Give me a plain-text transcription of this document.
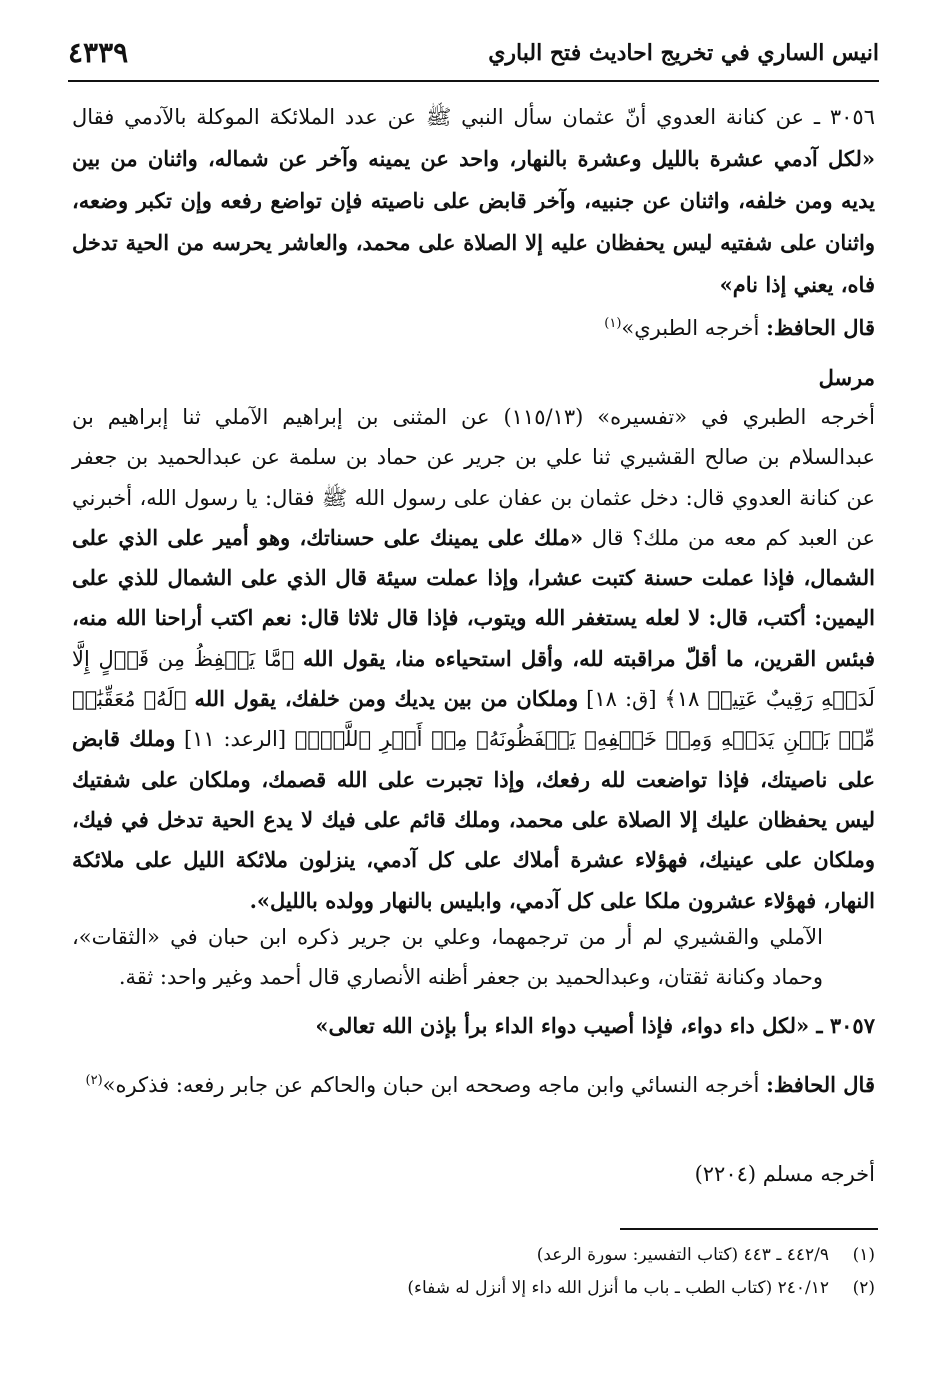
انيس الساري في تخريج احاديث فتح الباري
٤٣٣٩

٣٠٥٦ ـ عن كنانة العدوي أنّ عثمان سأل النبي ﷺ عن عدد الملائكة الموكلة بالآدمي فقال «لكل آدمي عشرة بالليل وعشرة بالنهار، واحد عن يمينه وآخر عن شماله، واثنان من بين يديه ومن خلفه، واثنان عن جنبيه، وآخر قابض على ناصيته فإن تواضع رفعه وإن تكبر وضعه، واثنان على شفتيه ليس يحفظان عليه إلا الصلاة على محمد، والعاشر يحرسه من الحية تدخل فاه، يعني إذا نام»

قال الحافظ: أخرجه الطبري»$^{(١)}$
مرسل

أخرجه الطبري في «تفسيره» (١١٥/١٣) عن المثنى بن إبراهيم الآملي ثنا إبراهيم بن عبدالسلام بن صالح القشيري ثنا علي بن جرير عن حماد بن سلمة عن عبدالحميد بن جعفر عن كنانة العدوي قال: دخل عثمان بن عفان على رسول الله ﷺ فقال: يا رسول الله، أخبرني عن العبد كم معه من ملك؟ قال «ملك على يمينك على حسناتك، وهو أمير على الذي على الشمال، فإذا عملت حسنة كتبت عشرا، وإذا عملت سيئة قال الذي على الشمال للذي على اليمين: أكتب، قال: لا لعله يستغفر الله ويتوب، فإذا قال ثلاثا قال: نعم اكتب أراحنا الله منه، فبئس القرين، ما أقلّ مراقبته لله، وأقل استحياءه منا، يقول الله ﴿مَّا يَلۡفِظُ مِن قَوۡلٍ إِلَّا لَدَيۡهِ رَقِيبٌ عَتِيدٞ ١٨﴾ [ق: ١٨] وملكان من بين يديك ومن خلفك، يقول الله ﴿لَهُۥ مُعَقِّبَٰتٞ مِّنۢ بَيۡنِ يَدَيۡهِ وَمِنۡ خَلۡفِهِۦ يَحۡفَظُونَهُۥ مِنۡ أَمۡرِ ٱللَّهِۗ﴾ [الرعد: ١١] وملك قابض على ناصيتك، فإذا تواضعت لله رفعك، وإذا تجبرت على الله قصمك، وملكان على شفتيك ليس يحفظان عليك إلا الصلاة على محمد، وملك قائم على فيك لا يدع الحية تدخل في فيك، وملكان على عينيك، فهؤلاء عشرة أملاك على كل آدمي، ينزلون ملائكة الليل على ملائكة النهار، فهؤلاء عشرون ملكا على كل آدمي، وابليس بالنهار وولده بالليل».

الآملي والقشيري لم أر من ترجمهما، وعلي بن جرير ذكره ابن حبان في «الثقات»، وحماد وكنانة ثقتان، وعبدالحميد بن جعفر أظنه الأنصاري قال أحمد وغير واحد: ثقة.

٣٠٥٧ ـ «لكل داء دواء، فإذا أصيب دواء الداء برأ بإذن الله تعالى»

قال الحافظ: أخرجه النسائي وابن ماجه وصححه ابن حبان والحاكم عن جابر رفعه: فذكره»$^{(٢)}$

أخرجه مسلم (٢٢٠٤)
(١)٤٤٢/٩ ـ ٤٤٣ (كتاب التفسير: سورة الرعد)
(٢)٢٤٠/١٢ (كتاب الطب ـ باب ما أنزل الله داء إلا أنزل له شفاء)
